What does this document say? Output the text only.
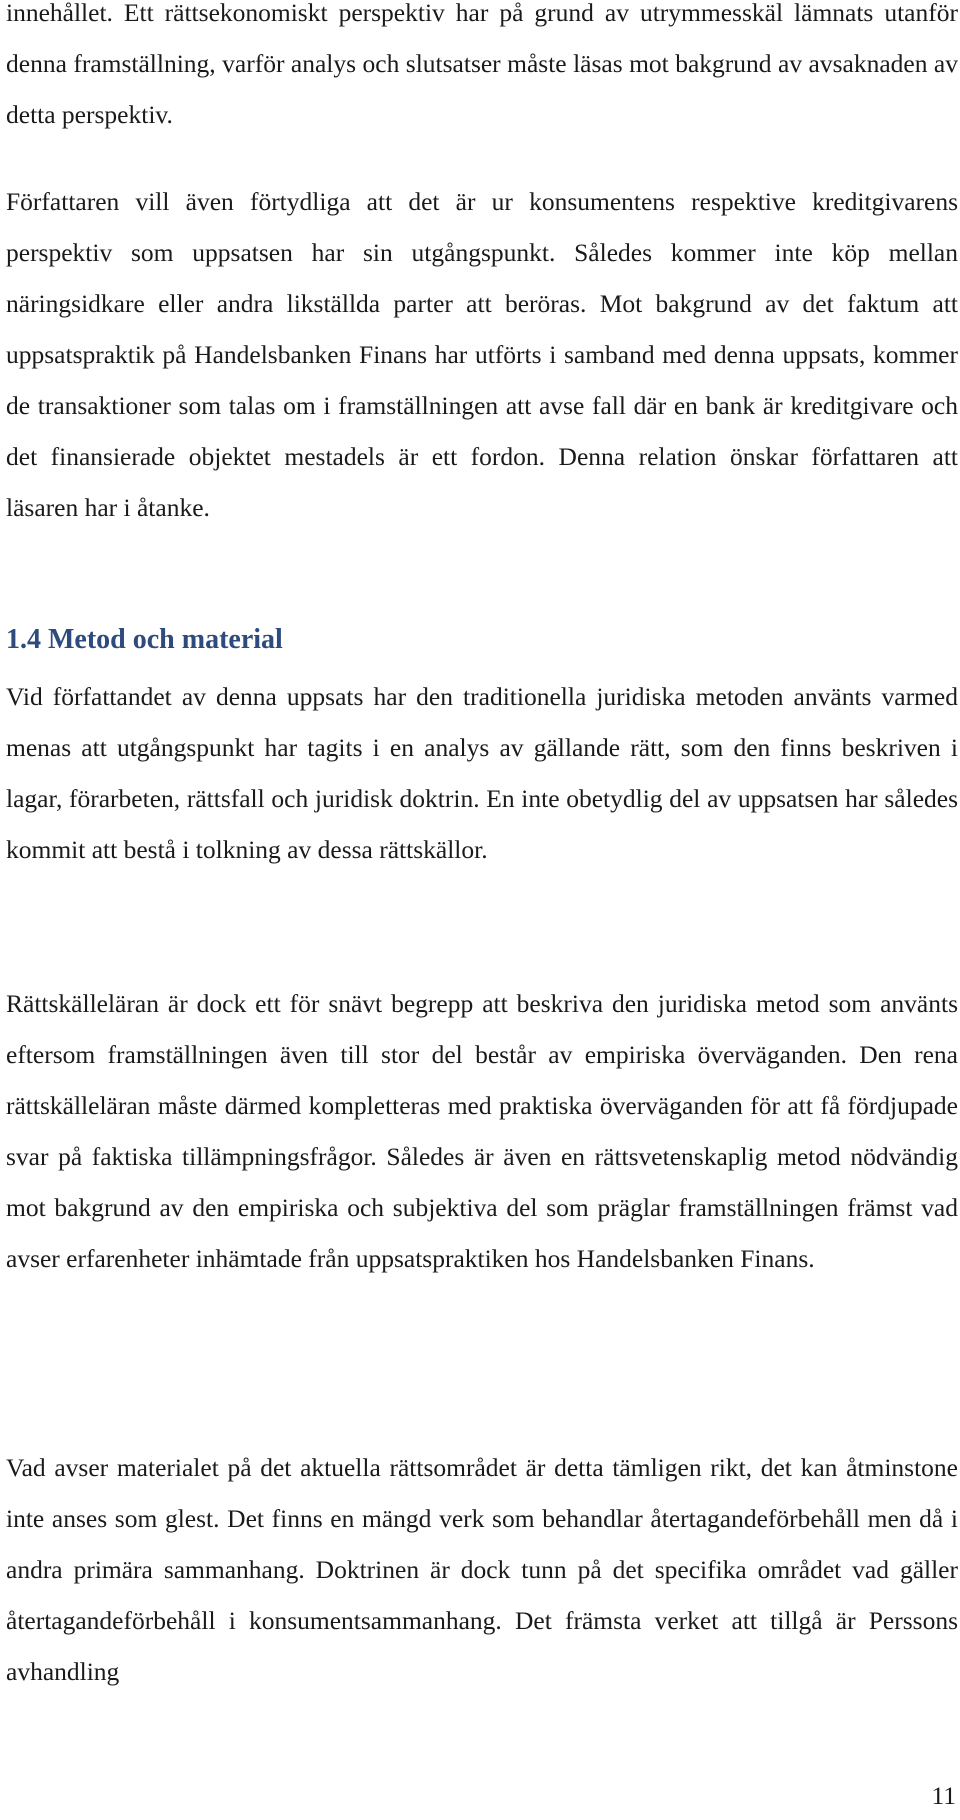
innehållet. Ett rättsekonomiskt perspektiv har på grund av utrymmesskäl lämnats utanför denna framställning, varför analys och slutsatser måste läsas mot bakgrund av avsaknaden av detta perspektiv.

Författaren vill även förtydliga att det är ur konsumentens respektive kreditgivarens perspektiv som uppsatsen har sin utgångspunkt. Således kommer inte köp mellan näringsidkare eller andra likställda parter att beröras. Mot bakgrund av det faktum att uppsatspraktik på Handelsbanken Finans har utförts i samband med denna uppsats, kommer de transaktioner som talas om i framställningen att avse fall där en bank är kreditgivare och det finansierade objektet mestadels är ett fordon. Denna relation önskar författaren att läsaren har i åtanke.

1.4 Metod och material

Vid författandet av denna uppsats har den traditionella juridiska metoden använts varmed menas att utgångspunkt har tagits i en analys av gällande rätt, som den finns beskriven i lagar, förarbeten, rättsfall och juridisk doktrin. En inte obetydlig del av uppsatsen har således kommit att bestå i tolkning av dessa rättskällor.

Rättskälleläran är dock ett för snävt begrepp att beskriva den juridiska metod som använts eftersom framställningen även till stor del består av empiriska överväganden. Den rena rättskälleläran måste därmed kompletteras med praktiska överväganden för att få fördjupade svar på faktiska tillämpningsfrågor. Således är även en rättsvetenskaplig metod nödvändig mot bakgrund av den empiriska och subjektiva del som präglar framställningen främst vad avser erfarenheter inhämtade från uppsatspraktiken hos Handelsbanken Finans.

Vad avser materialet på det aktuella rättsområdet är detta tämligen rikt, det kan åtminstone inte anses som glest. Det finns en mängd verk som behandlar återtagandeförbehåll men då i andra primära sammanhang. Doktrinen är dock tunn på det specifika området vad gäller återtagandeförbehåll i konsumentsammanhang. Det främsta verket att tillgå är Perssons avhandling

11
